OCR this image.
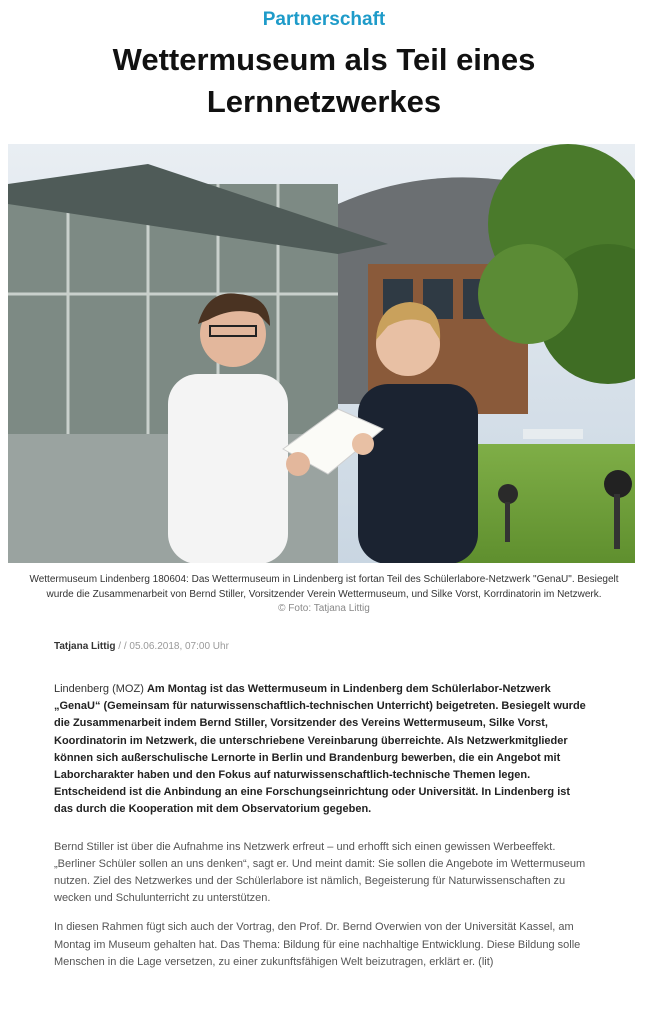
Partnerschaft
Wettermuseum als Teil eines Lernnetzwerkes
Wettermuseum Lindenberg 180604: Das Wettermuseum in Lindenberg ist fortan Teil des Schülerlabore-Netzwerk "GenaU". Besiegelt wurde die Zusammenarbeit von Bernd Stiller, Vorsitzender Verein Wettermuseum, und Silke Vorst, Korrdinatorin im Netzwerk.
© Foto: Tatjana Littig
Tatjana Littig / / 05.06.2018, 07:00 Uhr
Lindenberg (MOZ) Am Montag ist das Wettermuseum in Lindenberg dem Schülerlabor-Netzwerk „GenaU“ (Gemeinsam für naturwissenschaftlich-technischen Unterricht) beigetreten. Besiegelt wurde die Zusammenarbeit indem Bernd Stiller, Vorsitzender des Vereins Wettermuseum, Silke Vorst, Koordinatorin im Netzwerk, die unterschriebene Vereinbarung überreichte. Als Netzwerkmitglieder können sich außerschulische Lernorte in Berlin und Brandenburg bewerben, die ein Angebot mit Laborcharakter haben und den Fokus auf naturwissenschaftlich-technische Themen legen. Entscheidend ist die Anbindung an eine Forschungseinrichtung oder Universität. In Lindenberg ist das durch die Kooperation mit dem Observatorium gegeben.

Bernd Stiller ist über die Aufnahme ins Netzwerk erfreut – und erhofft sich einen gewissen Werbeeffekt. „Berliner Schüler sollen an uns denken“, sagt er. Und meint damit: Sie sollen die Angebote im Wettermuseum nutzen. Ziel des Netzwerkes und der Schülerlabore ist nämlich, Begeisterung für Naturwissenschaften zu wecken und Schulunterricht zu unterstützen.

In diesen Rahmen fügt sich auch der Vortrag, den Prof. Dr. Bernd Overwien von der Universität Kassel, am Montag im Museum gehalten hat. Das Thema: Bildung für eine nachhaltige Entwicklung. Diese Bildung solle Menschen in die Lage versetzen, zu einer zukunftsfähigen Welt beizutragen, erklärt er. (lit)
